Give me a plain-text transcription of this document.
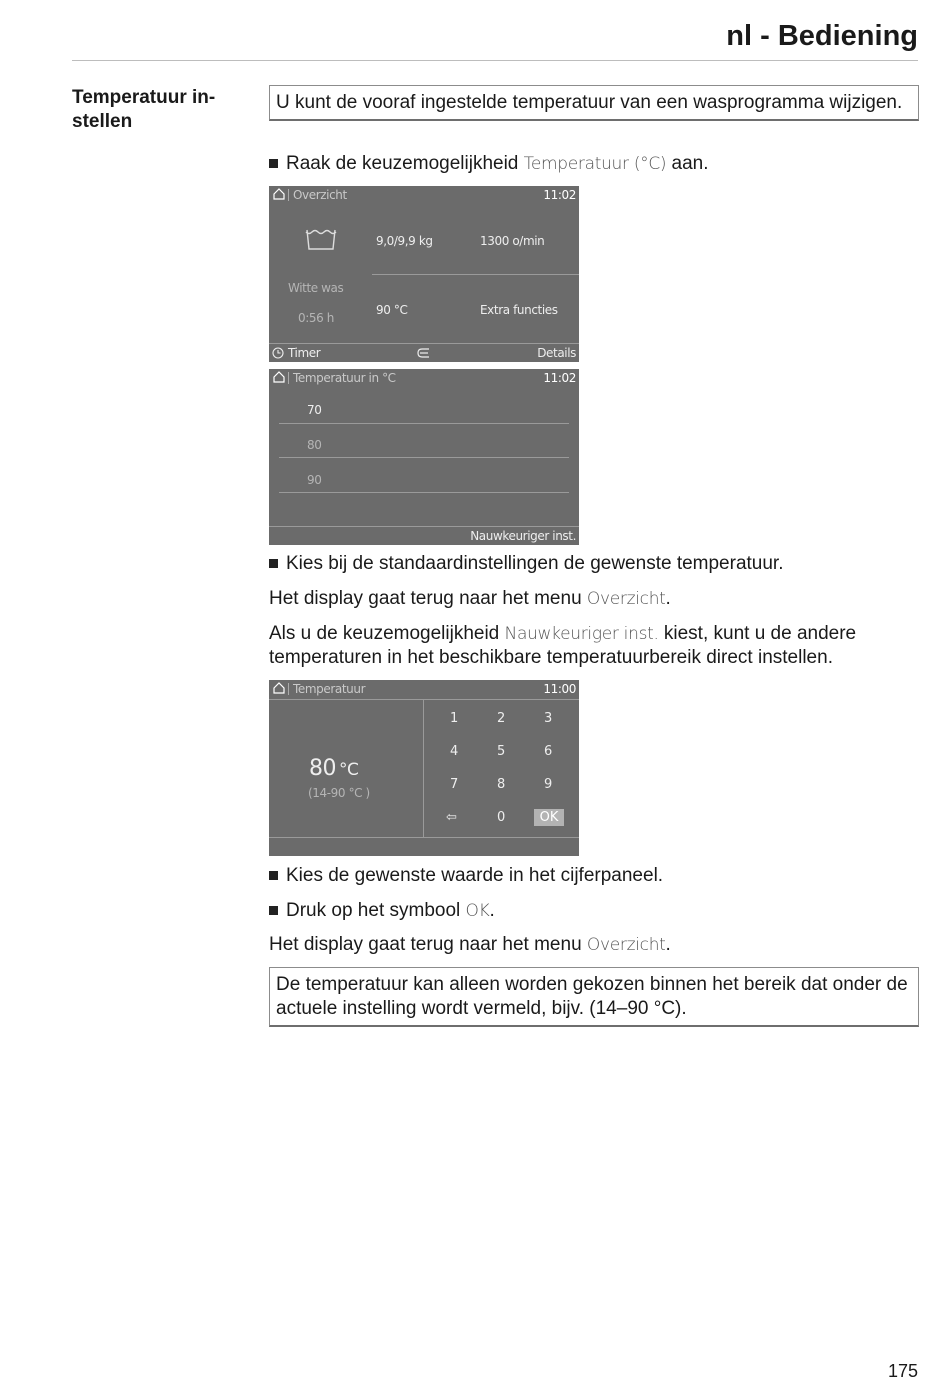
nl - Bediening
Temperatuur in-
stellen
U kunt de vooraf ingestelde temperatuur van een wasprogramma wijzigen.
Raak de keuzemogelijkheid Temperatuur (°C) aan.
Overzicht	11:02
Witte was
0:56 h
9,0/9,9 kg	1300 o/min
90 °C	Extra functies
Timer	Details
Temperatuur in °C	11:02
70
80
90
Nauwkeuriger inst.
Kies bij de standaardinstellingen de gewenste temperatuur.
Het display gaat terug naar het menu Overzicht.
Als u de keuzemogelijkheid Nauwkeuriger inst. kiest, kunt u de andere temperaturen in het beschikbare temperatuurbereik direct instellen.
Temperatuur	11:00
80 °C
(14-90 °C )
1	2	3
4	5	6
7	8	9
⇦	0	OK
Kies de gewenste waarde in het cijferpaneel.
Druk op het symbool OK.
Het display gaat terug naar het menu Overzicht.
De temperatuur kan alleen worden gekozen binnen het bereik dat onder de actuele instelling wordt vermeld, bijv. (14–90 °C).
175
